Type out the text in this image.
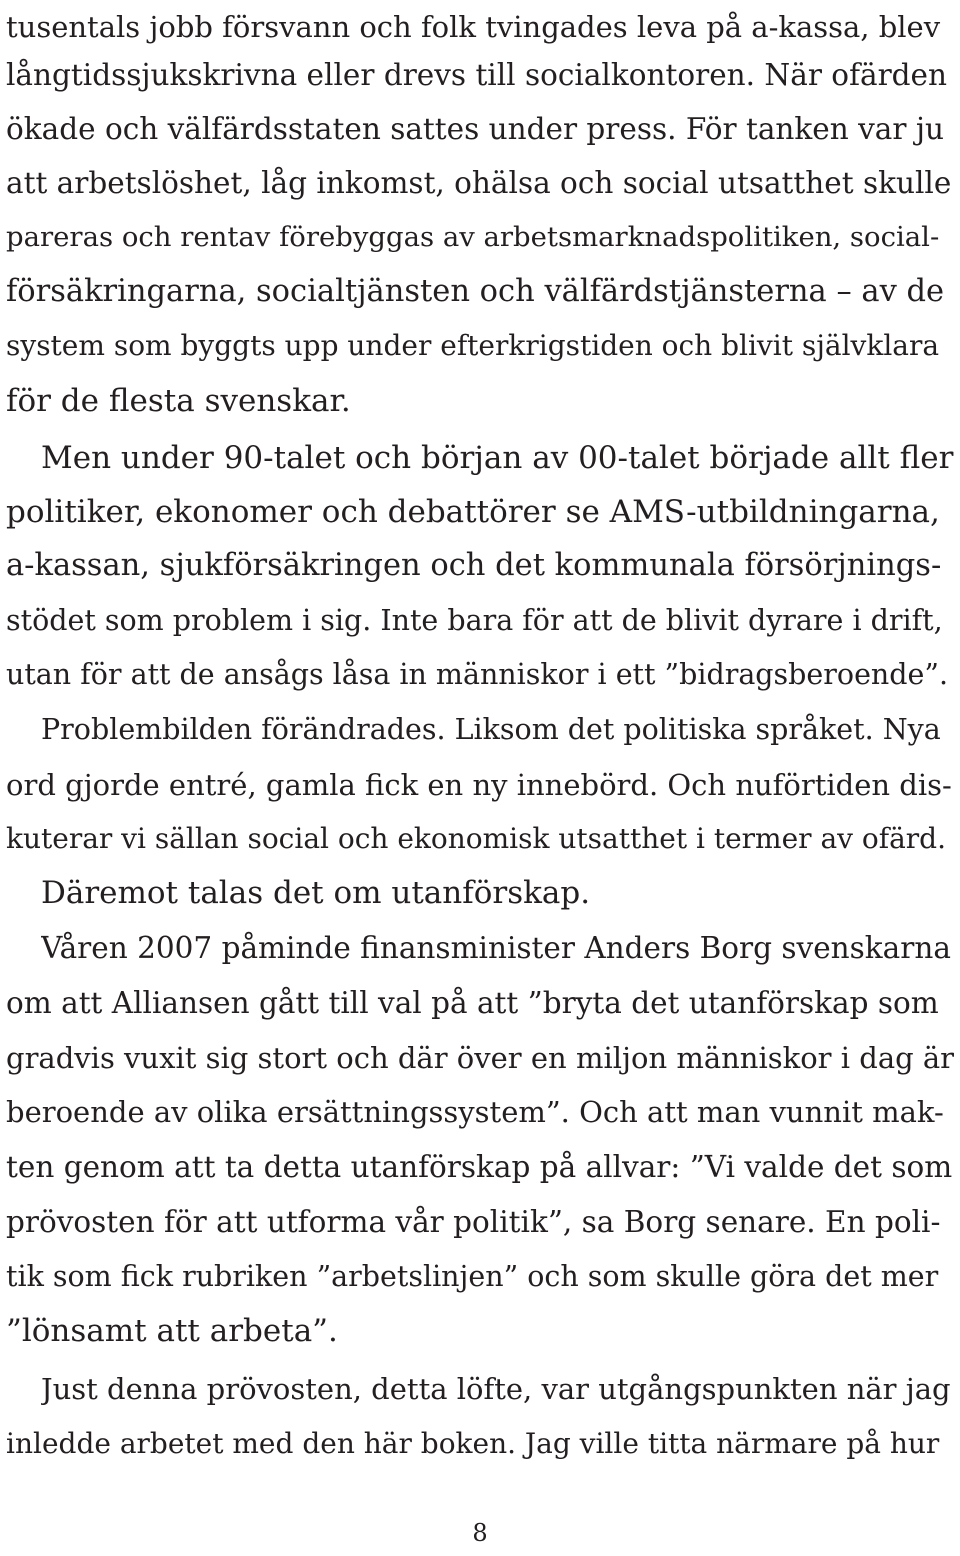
tusentals jobb försvann och folk tvingades leva på a-kassa, blev
långtidssjukskrivna eller drevs till socialkontoren. När ofärden
ökade och välfärdsstaten sattes under press. För tanken var ju
att arbetslöshet, låg inkomst, ohälsa och social utsatthet skulle
pareras och rentav förebyggas av arbetsmarknadspolitiken, social-
försäkringarna, socialtjänsten och välfärdstjänsterna – av de
system som byggts upp under efterkrigstiden och blivit självklara
för de flesta svenskar.
Men under 90-talet och början av 00-talet började allt fler
politiker, ekonomer och debattörer se AMS-utbildningarna,
a-kassan, sjukförsäkringen och det kommunala försörjnings-
stödet som problem i sig. Inte bara för att de blivit dyrare i drift,
utan för att de ansågs låsa in människor i ett ”bidragsberoende”.
Problembilden förändrades. Liksom det politiska språket. Nya
ord gjorde entré, gamla fick en ny innebörd. Och nuförtiden dis-
kuterar vi sällan social och ekonomisk utsatthet i termer av ofärd.
Däremot talas det om utanförskap.
Våren 2007 påminde finansminister Anders Borg svenskarna
om att Alliansen gått till val på att ”bryta det utanförskap som
gradvis vuxit sig stort och där över en miljon människor i dag är
beroende av olika ersättningssystem”. Och att man vunnit mak-
ten genom att ta detta utanförskap på allvar: ”Vi valde det som
prövosten för att utforma vår politik”, sa Borg senare. En poli-
tik som fick rubriken ”arbetslinjen” och som skulle göra det mer
”lönsamt att arbeta”.
Just denna prövosten, detta löfte, var utgångspunkten när jag
inledde arbetet med den här boken. Jag ville titta närmare på hur
8
